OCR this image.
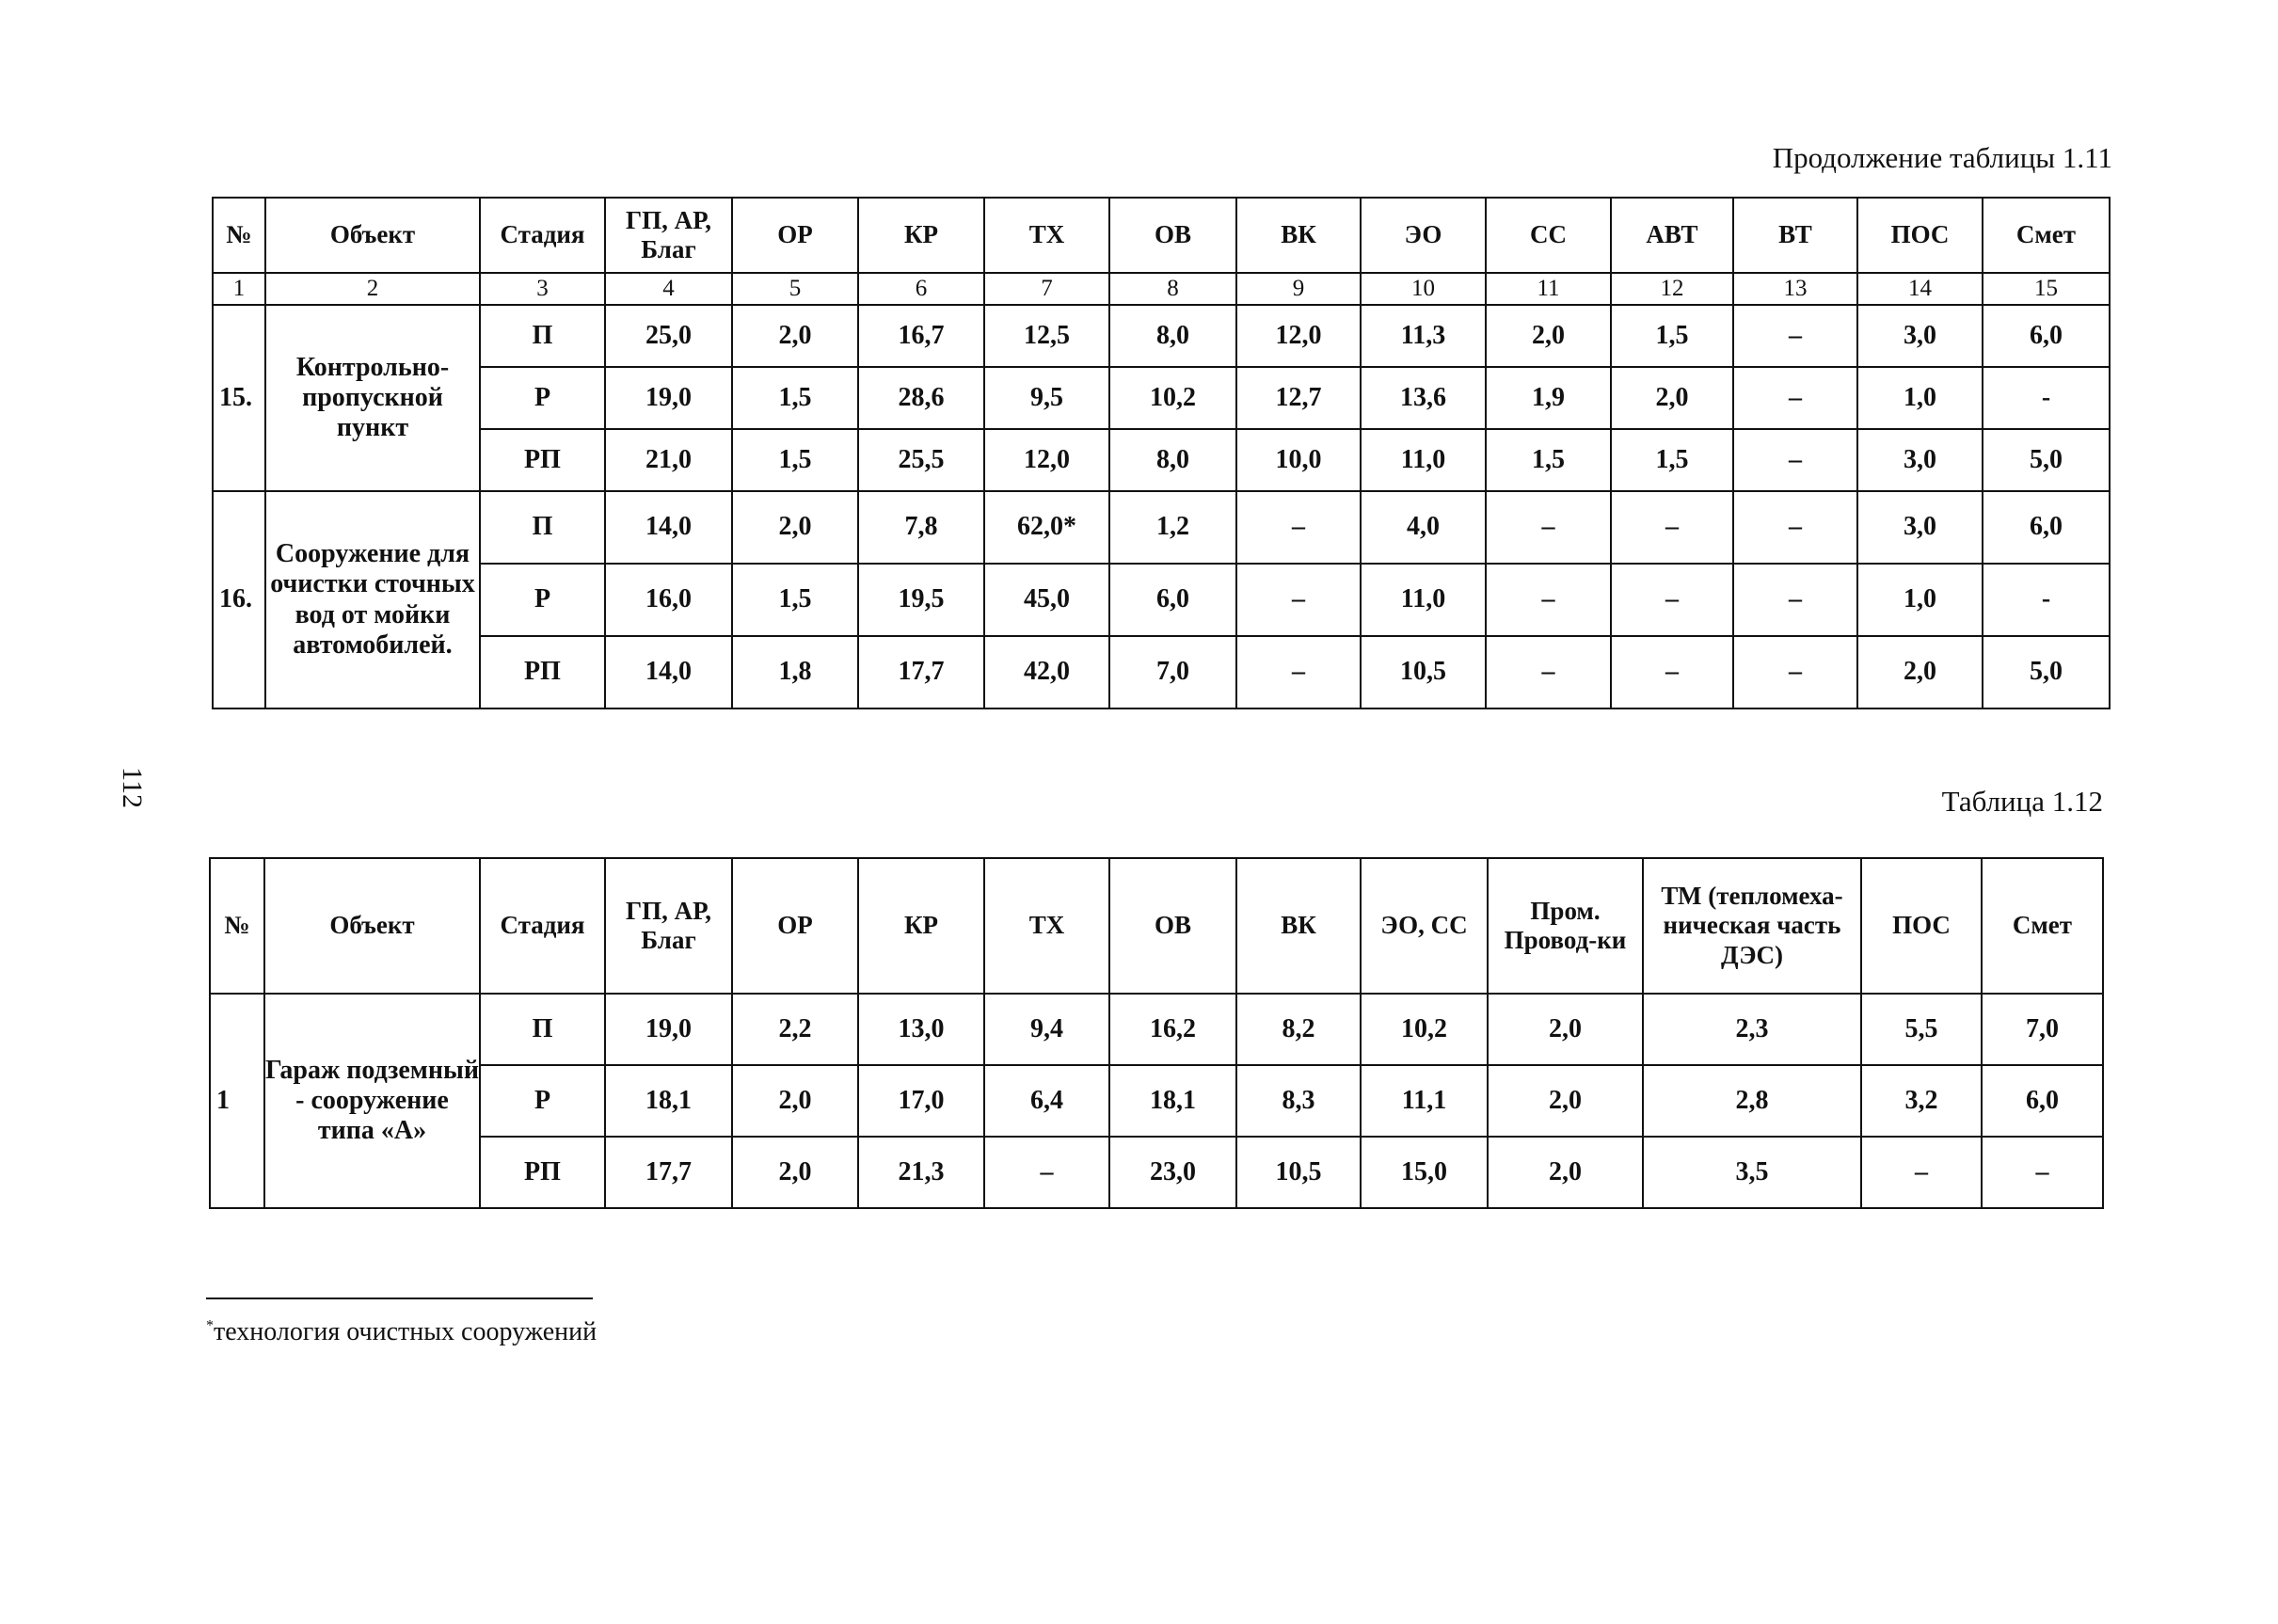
Продолжение таблицы 1.11
112
№	Объект	Стадия	ГП, АР, Благ	ОР	КР	ТХ	ОВ	ВК	ЭО	СС	АВТ	ВТ	ПОС	Смет
1	2	3	4	5	6	7	8	9	10	11	12	13	14	15
15.	Контрольно-пропускной пункт	П	25,0	2,0	16,7	12,5	8,0	12,0	11,3	2,0	1,5	–	3,0	6,0
		Р	19,0	1,5	28,6	9,5	10,2	12,7	13,6	1,9	2,0	–	1,0	-
		РП	21,0	1,5	25,5	12,0	8,0	10,0	11,0	1,5	1,5	–	3,0	5,0
16.	Сооружение для очистки сточных вод от мойки автомобилей.	П	14,0	2,0	7,8	62,0*	1,2	–	4,0	–	–	–	3,0	6,0
		Р	16,0	1,5	19,5	45,0	6,0	–	11,0	–	–	–	1,0	-
		РП	14,0	1,8	17,7	42,0	7,0	–	10,5	–	–	–	2,0	5,0
Таблица 1.12
№	Объект	Стадия	ГП, АР, Благ	ОР	КР	ТХ	ОВ	ВК	ЭО, СС	Пром. Провод-ки	ТМ (тепломеха-ническая часть ДЭС)	ПОС	Смет
1	Гараж подземный - сооружение типа «А»	П	19,0	2,2	13,0	9,4	16,2	8,2	10,2	2,0	2,3	5,5	7,0
		Р	18,1	2,0	17,0	6,4	18,1	8,3	11,1	2,0	2,8	3,2	6,0
		РП	17,7	2,0	21,3	–	23,0	10,5	15,0	2,0	3,5	–	–
*технология очистных сооружений
